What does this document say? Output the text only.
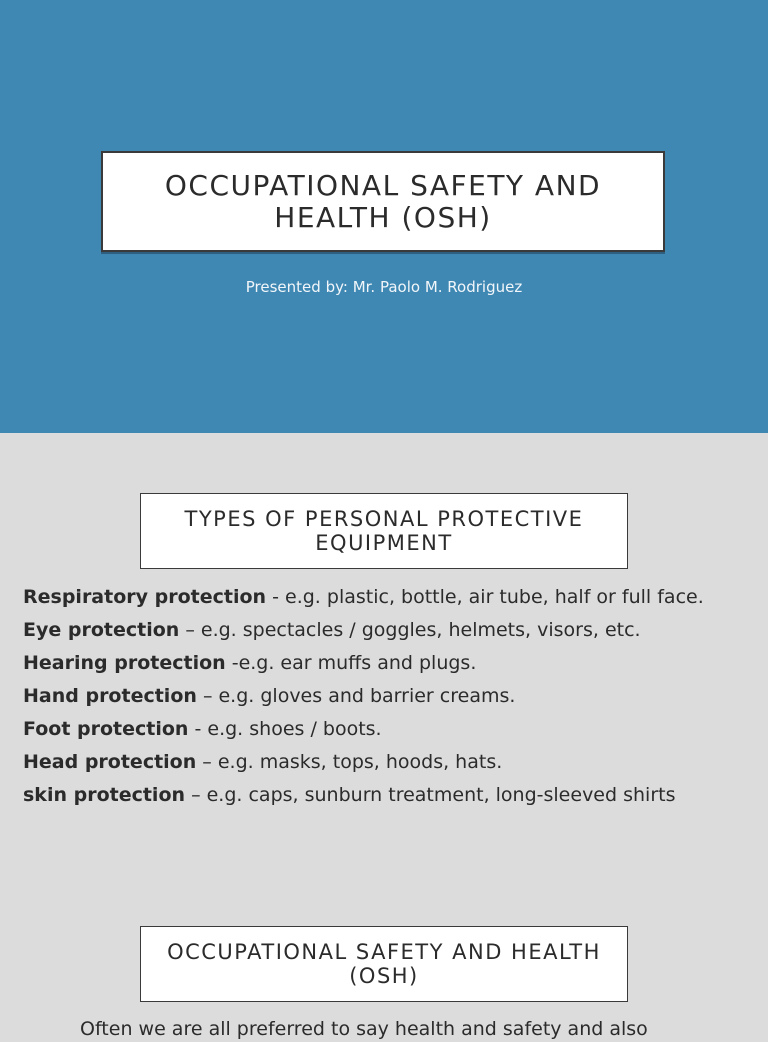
OCCUPATIONAL SAFETY AND HEALTH (OSH)
Presented by: Mr. Paolo M. Rodriguez
TYPES OF PERSONAL PROTECTIVE EQUIPMENT
Respiratory protection - e.g. plastic, bottle, air tube, half or full face.
Eye protection – e.g. spectacles / goggles, helmets, visors, etc.
Hearing protection -e.g. ear muffs and plugs.
Hand protection – e.g. gloves and barrier creams.
Foot protection - e.g. shoes / boots.
Head protection – e.g. masks, tops, hoods, hats.
skin protection – e.g. caps, sunburn treatment, long-sleeved shirts
OCCUPATIONAL SAFETY AND HEALTH (OSH)
Often we are all preferred to say health and safety and also
